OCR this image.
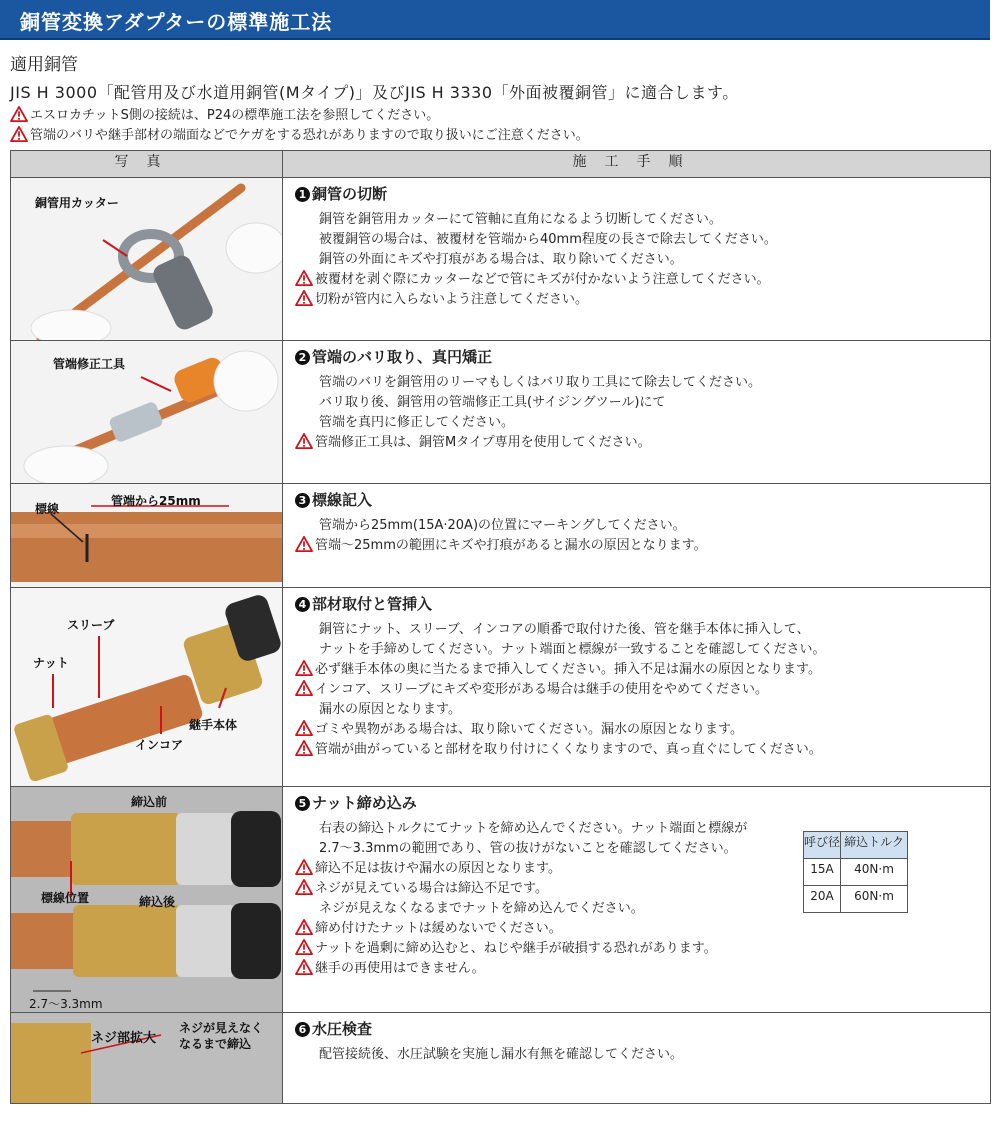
銅管変換アダプターの標準施工法
適用銅管
JIS H 3000「配管用及び水道用銅管(Mタイプ)」及びJIS H 3330「外面被覆銅管」に適合します。
エスロカチットS側の接続は、P24の標準施工法を参照してください。
管端のバリや継手部材の端面などでケガをする恐れがありますので取り扱いにご注意ください。
写真	施工手順

銅管用カッター

1 銅管の切断
銅管を銅管用カッターにて管軸に直角になるよう切断してください。
被覆銅管の場合は、被覆材を管端から40mm程度の長さで除去してください。
銅管の外面にキズや打痕がある場合は、取り除いてください。
被覆材を剥ぐ際にカッターなどで管にキズが付かないよう注意してください。
切粉が管内に入らないよう注意してください。

管端修正工具	2 管端のバリ取り、真円矯正
管端のバリを銅管用のリーマもしくはバリ取り工具にて除去してください。
バリ取り後、銅管用の管端修正工具(サイジングツール)にて
管端を真円に修正してください。
管端修正工具は、銅管Mタイプ専用を使用してください。

標線
管端から25mm	3 標線記入
管端から25mm(15A·20A)の位置にマーキングしてください。
管端〜25mmの範囲にキズや打痕があると漏水の原因となります。

スリーブ
ナット
継手本体
インコア

4 部材取付と管挿入
銅管にナット、スリーブ、インコアの順番で取付けた後、管を継手本体に挿入して、
ナットを手締めしてください。ナット端面と標線が一致することを確認してください。
必ず継手本体の奥に当たるまで挿入してください。挿入不足は漏水の原因となります。
インコア、スリーブにキズや変形がある場合は継手の使用をやめてください。
漏水の原因となります。
ゴミや異物がある場合は、取り除いてください。漏水の原因となります。
管端が曲がっていると部材を取り付けにくくなりますので、真っ直ぐにしてください。

締込前
標線位置	締込後
2.7〜3.3mm

5 ナット締め込み
右表の締込トルクにてナットを締め込んでください。ナット端面と標線が
2.7〜3.3mmの範囲であり、管の抜けがないことを確認してください。
締込不足は抜けや漏水の原因となります。
ネジが見えている場合は締込不足です。
ネジが見えなくなるまでナットを締め込んでください。
締め付けたナットは緩めないでください。
ナットを過剰に締め込むと、ねじや継手が破損する恐れがあります。
継手の再使用はできません。
呼び径	締込トルク
15A	40N·m
20A	60N·m

ネジ部拡大
ネジが見えなく
なるまで締込

6 水圧検査
配管接続後、水圧試験を実施し漏水有無を確認してください。
